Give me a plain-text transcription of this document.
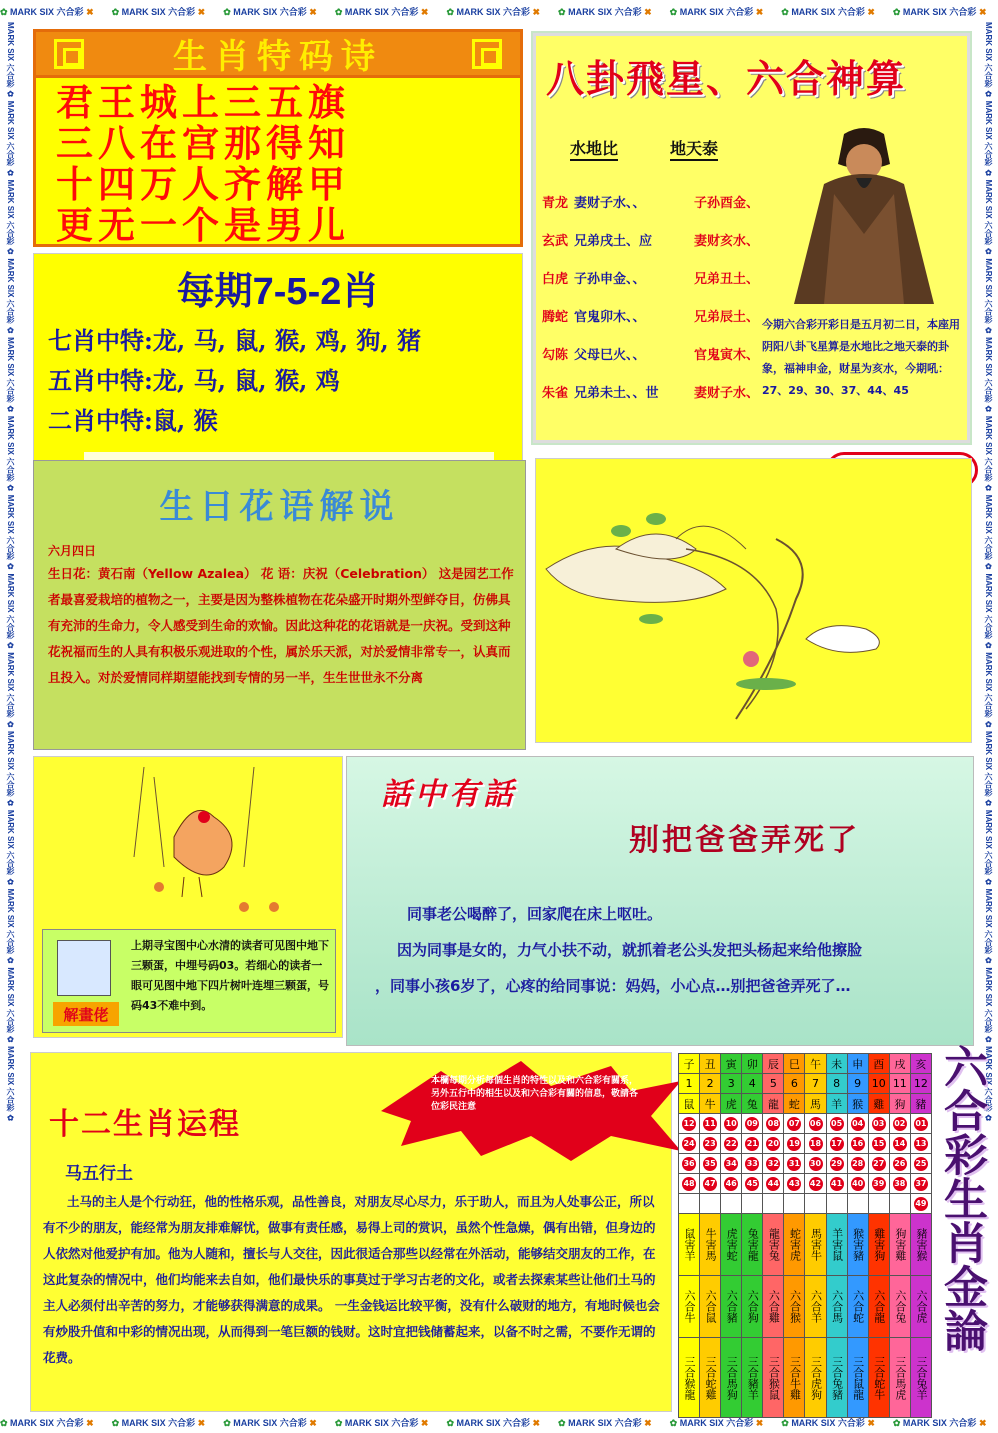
✿ MARK SIX 六合彩 ✖ ✿ MARK SIX 六合彩 ✖ ✿ MARK SIX 六合彩 ✖ ✿ MARK SIX 六合彩 ✖ ✿ MARK SIX 六合彩 ✖ ✿ MARK SIX 六合彩 ✖ ✿ MARK SIX 六合彩 ✖ ✿ MARK SIX 六合彩 ✖ ✿ MARK SIX 六合彩 ✖
✿ MARK SIX 六合彩 ✖ ✿ MARK SIX 六合彩 ✖ ✿ MARK SIX 六合彩 ✖ ✿ MARK SIX 六合彩 ✖ ✿ MARK SIX 六合彩 ✖ ✿ MARK SIX 六合彩 ✖ ✿ MARK SIX 六合彩 ✖ ✿ MARK SIX 六合彩 ✖ ✿ MARK SIX 六合彩 ✖
MARK SIX 六合彩 ✿ MARK SIX 六合彩 ✿ MARK SIX 六合彩 ✿ MARK SIX 六合彩 ✿ MARK SIX 六合彩 ✿ MARK SIX 六合彩 ✿ MARK SIX 六合彩 ✿ MARK SIX 六合彩 ✿ MARK SIX 六合彩 ✿ MARK SIX 六合彩 ✿ MARK SIX 六合彩 ✿ MARK SIX 六合彩 ✿ MARK SIX 六合彩 ✿ MARK SIX 六合彩 ✿	MARK SIX 六合彩 ✿ MARK SIX 六合彩 ✿ MARK SIX 六合彩 ✿ MARK SIX 六合彩 ✿ MARK SIX 六合彩 ✿ MARK SIX 六合彩 ✿ MARK SIX 六合彩 ✿ MARK SIX 六合彩 ✿ MARK SIX 六合彩 ✿ MARK SIX 六合彩 ✿ MARK SIX 六合彩 ✿ MARK SIX 六合彩 ✿ MARK SIX 六合彩 ✿ MARK SIX 六合彩 ✿
生肖特码诗
君王城上三五旗
三八在宫那得知
十四万人齐解甲
更无一个是男儿
每期7-5-2肖
七肖中特:龙, 马, 鼠, 猴, 鸡, 狗, 猪
五肖中特:龙, 马, 鼠, 猴, 鸡
二肖中特:鼠, 猴
八卦飛星、六合神算
水地比	地天泰
青龙 妻财子水、、	子孙酉金、
玄武 兄弟戌土、应	妻财亥水、
白虎 子孙申金、、	兄弟丑土、
腾蛇 官鬼卯木、、	兄弟辰土、
勾陈 父母巳火、、	官鬼寅木、
朱雀 兄弟未土、、世	妻财子水、
今期六合彩开彩日是五月初二日，本座用阴阳八卦飞星算是水地比之地天泰的卦象，福神申金，财星为亥水，今期吼：27、29、30、37、44、45
生日花语解说
六月四日
生日花：黄石南（Yellow Azalea） 花 语：庆祝（Celebration） 这是园艺工作者最喜爱栽培的植物之一，主要是因为整株植物在花朵盛开时期外型鲜夺目，仿佛具有充沛的生命力，令人感受到生命的欢愉。因此这种花的花语就是一庆祝。受到这种花祝福而生的人具有积极乐观进取的个性，属於乐天派，对於爱情非常专一，认真而且投入。对於爱情同样期望能找到专情的另一半，生生世世永不分离
解畫佬
上期寻宝图中心水清的读者可见图中地下三颗蛋，中埋号码03。若细心的读者一眼可见图中地下四片树叶连埋三颗蛋，号码43不难中到。
話中有話
别把爸爸弄死了
同事老公喝醉了，回家爬在床上呕吐。
因为同事是女的，力气小扶不动，就抓着老公头发把头杨起来给他擦脸
，同事小孩6岁了，心疼的给同事说：妈妈，小心点…别把爸爸弄死了…
本欄每期分析每個生肖的特性以及和六合彩有關系，另外五行中的相生以及和六合彩有關的信息，敬請各位彩民注意
十二生肖运程
马五行土
土马的主人是个行动狂，他的性格乐观，品性善良，对朋友尽心尽力，乐于助人，而且为人处事公正，所以有不少的朋友，能经常为朋友排难解忧，做事有责任感，易得上司的赏识，虽然个性急燥，偶有出错，但身边的人依然对他爱护有加。他为人随和，擅长与人交往，因此很适合那些以经常在外活动，能够结交朋友的工作，在这此复杂的情况中，他们均能来去自如，他们最快乐的事莫过于学习古老的文化，或者去探索某些让他们土马的主人必须付出辛苦的努力，才能够获得满意的成果。 一生金钱运比较平衡，没有什么破财的地方，有地时候也会有炒股升值和中彩的情况出现，从而得到一笔巨额的钱财。这时宜把钱储蓄起来，以备不时之需，不要作无谓的花费。
子	丑	寅	卯	辰	巳	午	未	申	酉	戌	亥
1	2	3	4	5	6	7	8	9	10	11	12
鼠	牛	虎	兔	龍	蛇	馬	羊	猴	雞	狗	豬
12	11	10	09	08	07	06	05	04	03	02	01
24	23	22	21	20	19	18	17	16	15	14	13
36	35	34	33	32	31	30	29	28	27	26	25
48	47	46	45	44	43	42	41	40	39	38	37
											49
鼠害羊	牛害馬	虎害蛇	兔害龍	龍害兔	蛇害虎	馬害牛	羊害鼠	猴害豬	雞害狗	狗害雞	豬害猴
六合牛	六合鼠	六合豬	六合狗	六合雞	六合猴	六合羊	六合馬	六合蛇	六合龍	六合兔	六合虎
三合猴龍	三合蛇雞	三合馬狗	三合豬羊	三合猴鼠	三合牛雞	三合虎狗	三合兔豬	三合鼠龍	三合蛇牛	三合馬虎	三合兔羊
六合彩生肖金論
